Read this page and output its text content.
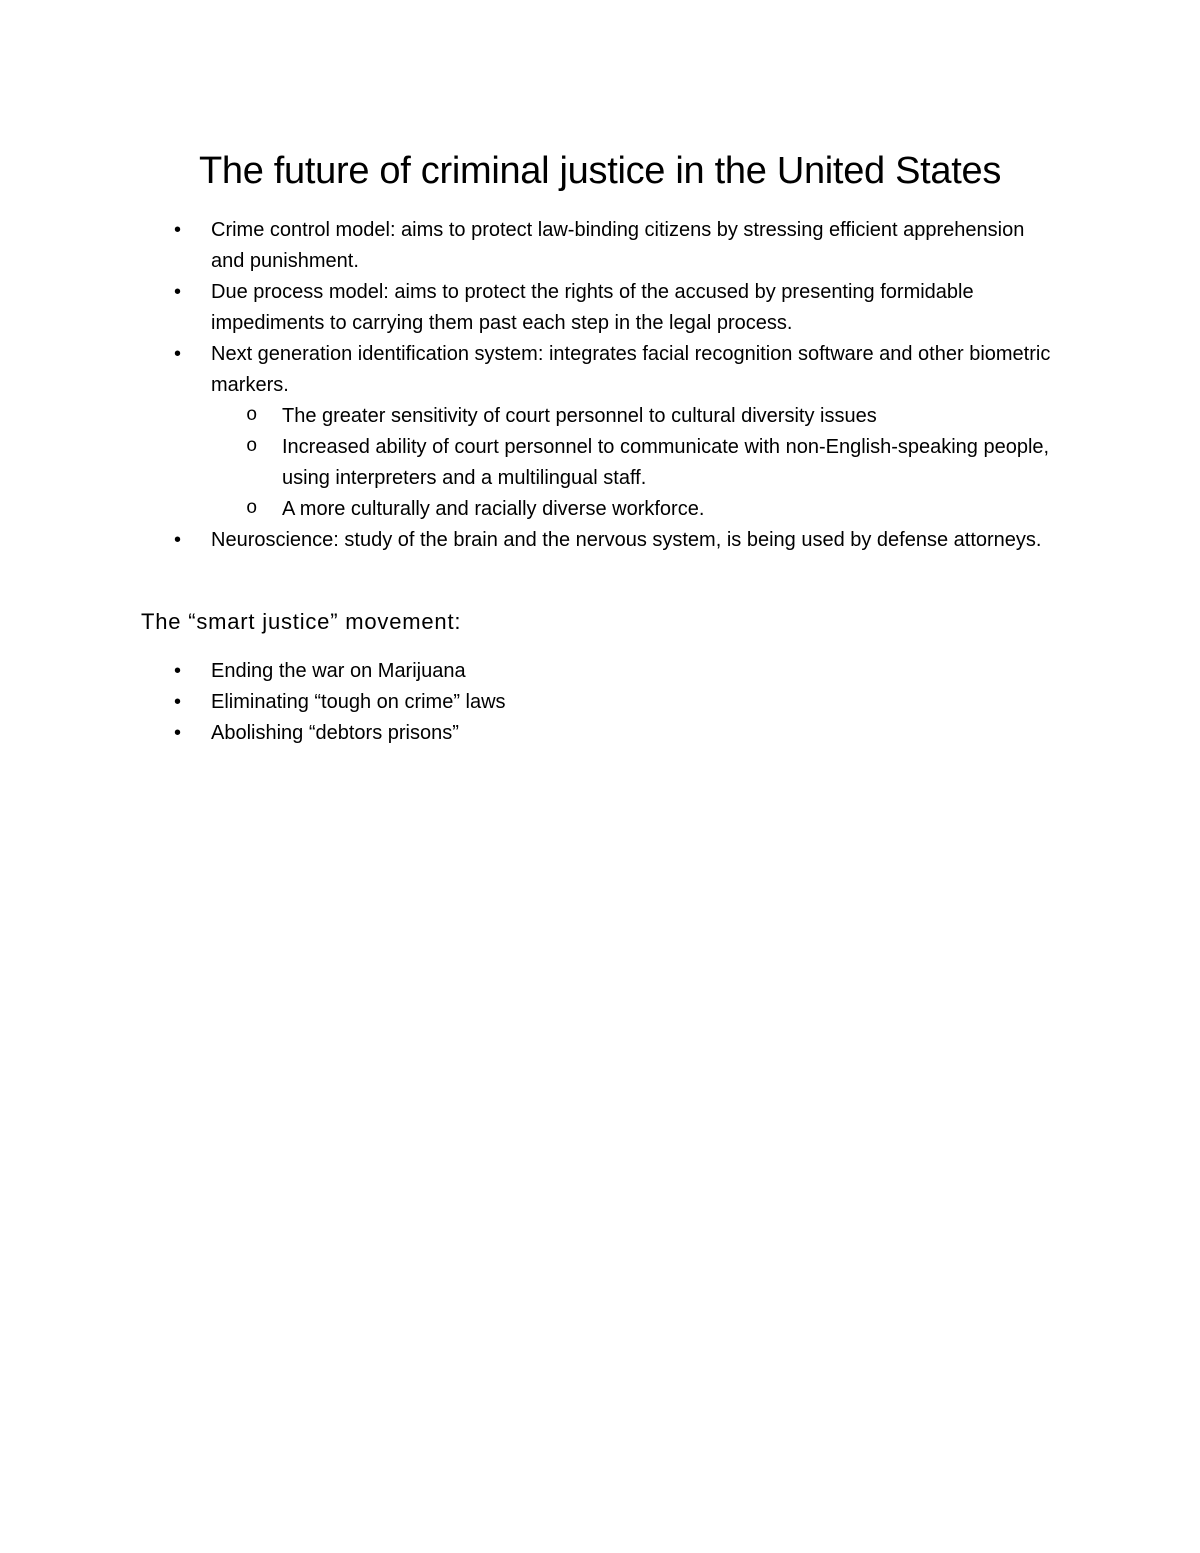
The future of criminal justice in the United States
• Crime control model: aims to protect law-binding citizens by stressing efficient apprehension and punishment.
• Due process model: aims to protect the rights of the accused by presenting formidable impediments to carrying them past each step in the legal process.
• Next generation identification system: integrates facial recognition software and other biometric markers.
o The greater sensitivity of court personnel to cultural diversity issues
o Increased ability of court personnel to communicate with non-English-speaking people, using interpreters and a multilingual staff.
o A more culturally and racially diverse workforce.
• Neuroscience: study of the brain and the nervous system, is being used by defense attorneys.
The “smart justice” movement:
• Ending the war on Marijuana
• Eliminating “tough on crime” laws
• Abolishing “debtors prisons”
